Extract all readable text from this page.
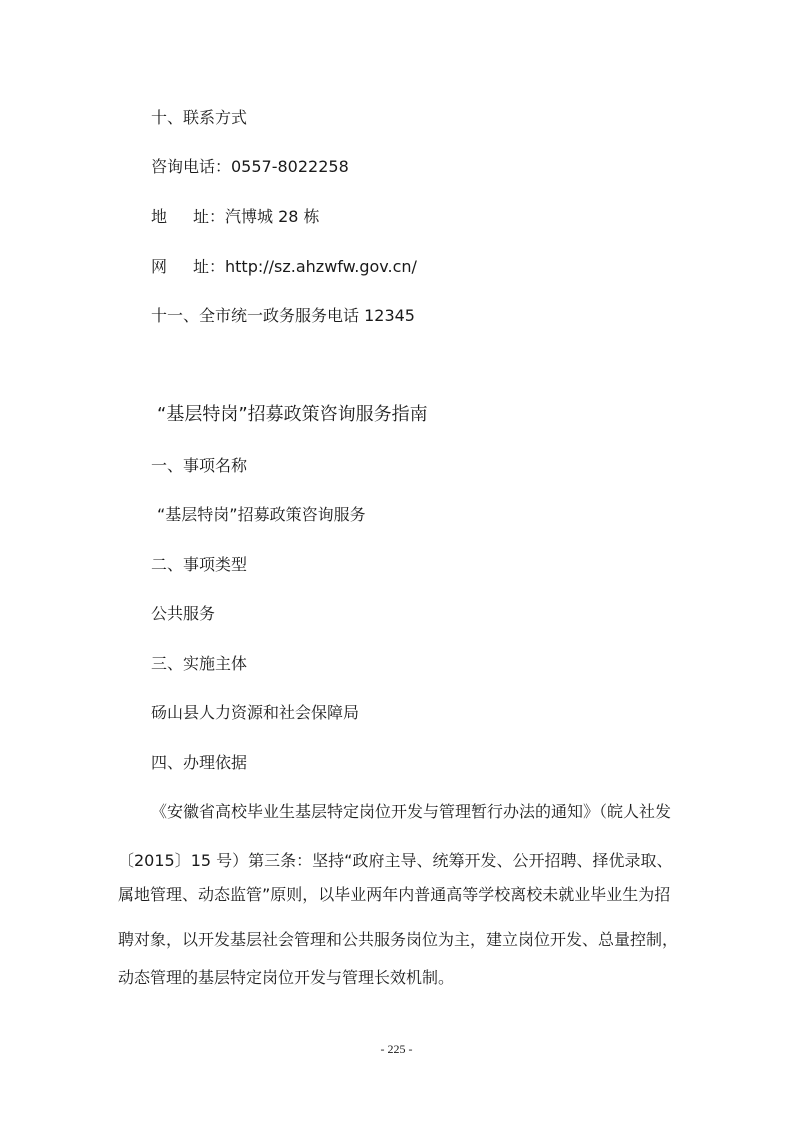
十、联系方式
咨询电话：0557-8022258
地 址：汽博城 28 栋
网 址：http://sz.ahzwfw.gov.cn/
十一、全市统一政务服务电话 12345
“基层特岗”招募政策咨询服务指南
一、事项名称
“基层特岗”招募政策咨询服务
二、事项类型
公共服务
三、实施主体
砀山县人力资源和社会保障局
四、办理依据
《安徽省高校毕业生基层特定岗位开发与管理暂行办法的通知》（皖人社发
〔2015〕15 号）第三条：坚持“政府主导、统筹开发、公开招聘、择优录取、
属地管理、动态监管”原则，以毕业两年内普通高等学校离校未就业毕业生为招
聘对象，以开发基层社会管理和公共服务岗位为主，建立岗位开发、总量控制，
动态管理的基层特定岗位开发与管理长效机制。
- 225 -
